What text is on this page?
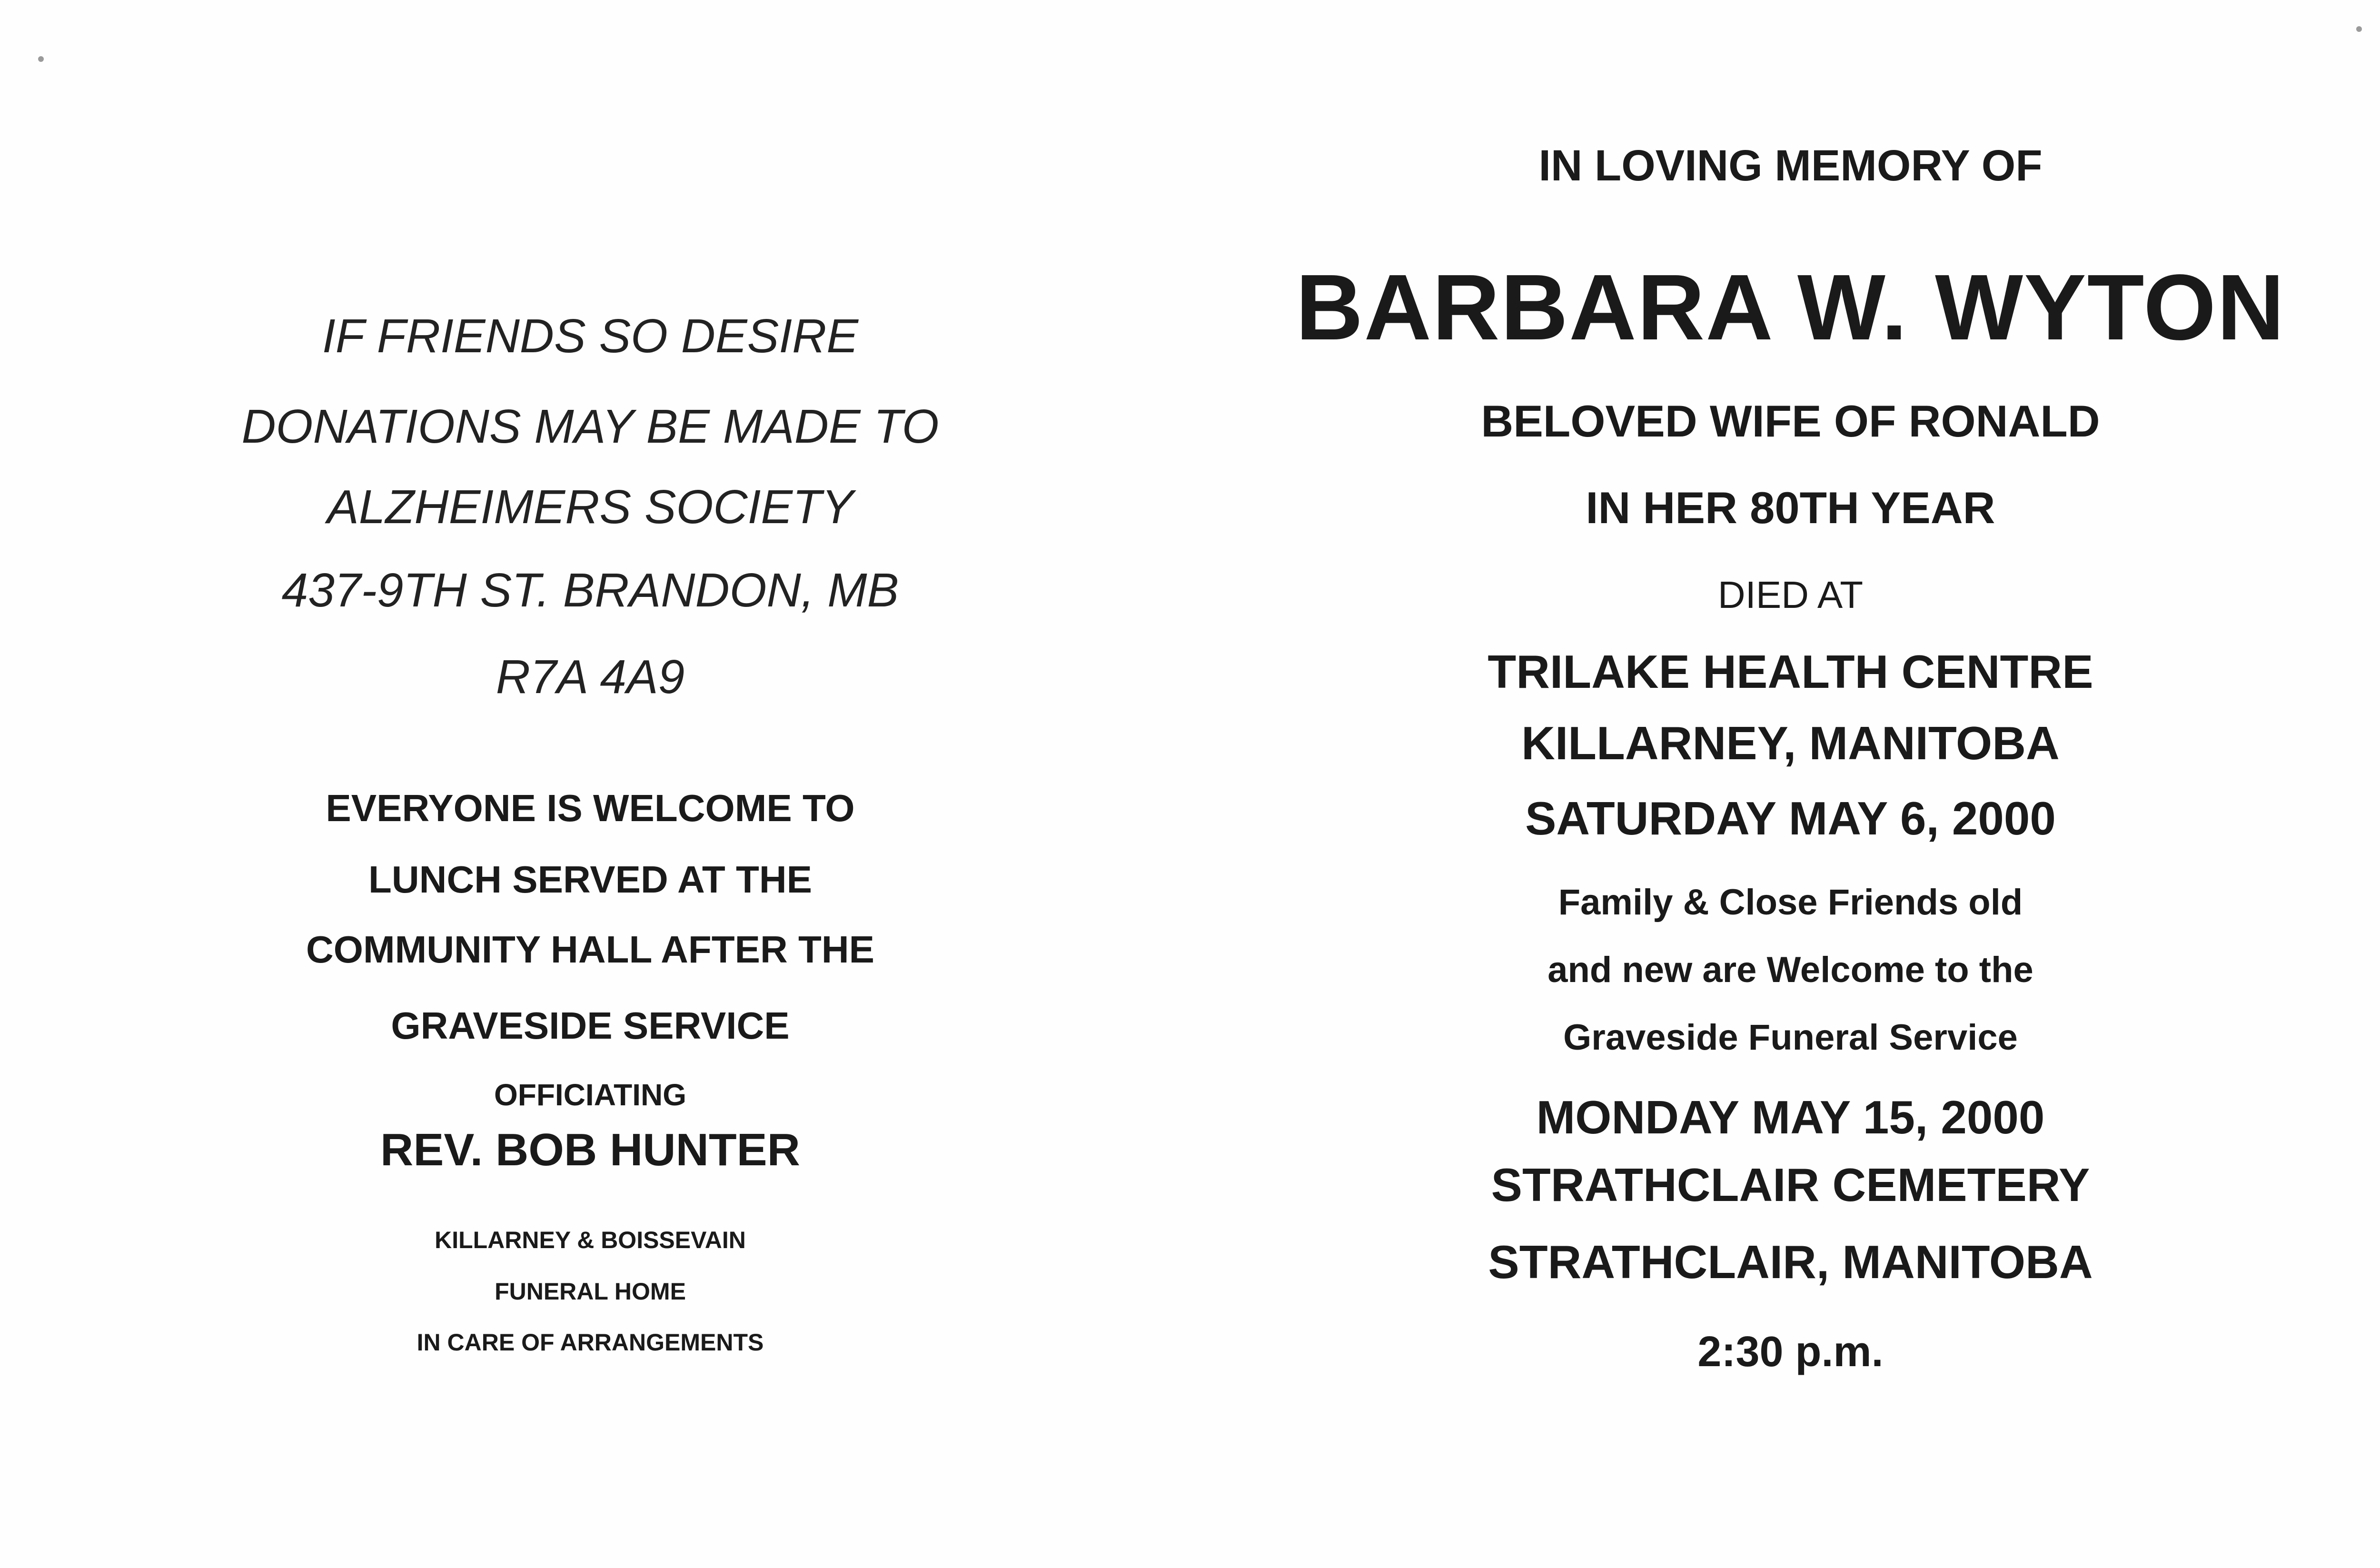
IF FRIENDS SO DESIRE
DONATIONS MAY BE MADE TO
ALZHEIMERS SOCIETY
437-9TH ST. BRANDON, MB
R7A 4A9
EVERYONE IS WELCOME TO
LUNCH SERVED AT THE
COMMUNITY HALL AFTER THE
GRAVESIDE SERVICE
OFFICIATING
REV. BOB HUNTER
KILLARNEY & BOISSEVAIN
FUNERAL HOME
IN CARE OF ARRANGEMENTS
IN LOVING MEMORY OF
BARBARA W. WYTON
BELOVED WIFE OF RONALD
IN HER 80TH YEAR
DIED AT
TRILAKE HEALTH CENTRE
KILLARNEY, MANITOBA
SATURDAY MAY 6, 2000
Family & Close Friends old
and new are Welcome to the
Graveside Funeral Service
MONDAY MAY 15, 2000
STRATHCLAIR CEMETERY
STRATHCLAIR, MANITOBA
2:30 p.m.
